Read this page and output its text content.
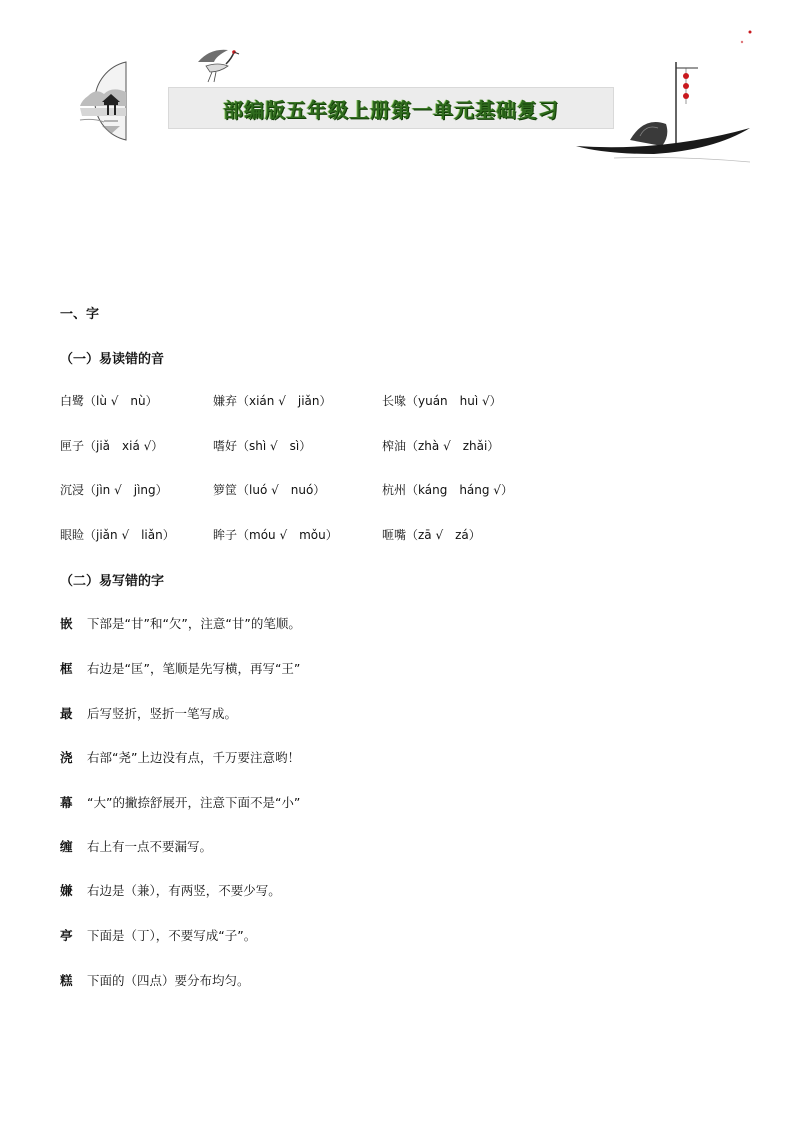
部编版五年级上册第一单元基础复习
一、字
（一）易读错的音
白鹭（lù √　nù）	嫌弃（xián √　jiǎn）	长喙（yuán　huì √）
匣子（jiǎ　xiá √）	嗜好（shì √　sì）	榨油（zhà √　zhǎi）
沉浸（jìn √　jìng）	箩筐（luó √　nuó）	杭州（káng　háng √）
眼睑（jiǎn √　liǎn）	眸子（móu √　mǒu）	咂嘴（zā √　zá）
（二）易写错的字
嵌 下部是“甘”和“欠”，注意“甘”的笔顺。
框 右边是“匡”，笔顺是先写横，再写“王”
最 后写竖折，竖折一笔写成。
浇 右部“尧”上边没有点，千万要注意哟！
幕 “大”的撇捺舒展开，注意下面不是“小”
缠 右上有一点不要漏写。
嫌 右边是（兼），有两竖，不要少写。
亭 下面是（丁），不要写成“子”。
糕 下面的（四点）要分布均匀。
